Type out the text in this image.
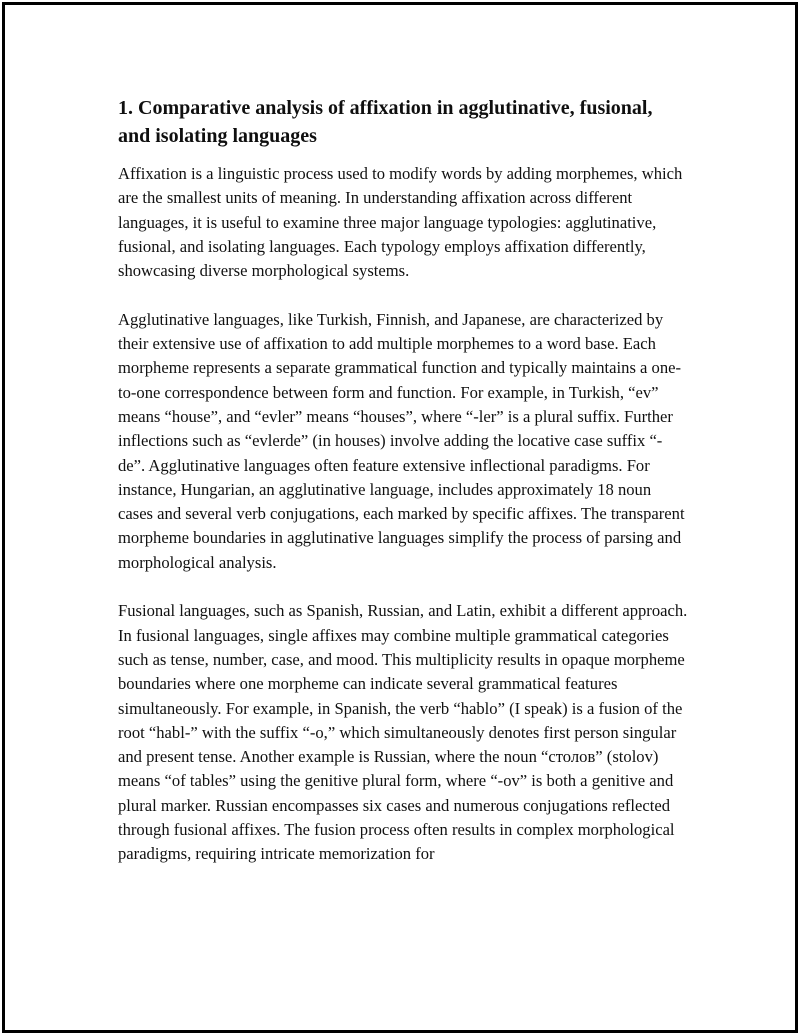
1. Comparative analysis of affixation in agglutinative, fusional, and isolating languages

Affixation is a linguistic process used to modify words by adding morphemes, which are the smallest units of meaning. In understanding affixation across different languages, it is useful to examine three major language typologies: agglutinative, fusional, and isolating languages. Each typology employs affixation differently, showcasing diverse morphological systems.

Agglutinative languages, like Turkish, Finnish, and Japanese, are characterized by their extensive use of affixation to add multiple morphemes to a word base. Each morpheme represents a separate grammatical function and typically maintains a one-to-one correspondence between form and function. For example, in Turkish, “ev” means “house”, and “evler” means “houses”, where “-ler” is a plural suffix. Further inflections such as “evlerde” (in houses) involve adding the locative case suffix “-de”. Agglutinative languages often feature extensive inflectional paradigms. For instance, Hungarian, an agglutinative language, includes approximately 18 noun cases and several verb conjugations, each marked by specific affixes. The transparent morpheme boundaries in agglutinative languages simplify the process of parsing and morphological analysis.

Fusional languages, such as Spanish, Russian, and Latin, exhibit a different approach. In fusional languages, single affixes may combine multiple grammatical categories such as tense, number, case, and mood. This multiplicity results in opaque morpheme boundaries where one morpheme can indicate several grammatical features simultaneously. For example, in Spanish, the verb “hablo” (I speak) is a fusion of the root “habl-” with the suffix “-o,” which simultaneously denotes first person singular and present tense. Another example is Russian, where the noun “столов” (stolov) means “of tables” using the genitive plural form, where “-ov” is both a genitive and plural marker. Russian encompasses six cases and numerous conjugations reflected through fusional affixes. The fusion process often results in complex morphological paradigms, requiring intricate memorization for
